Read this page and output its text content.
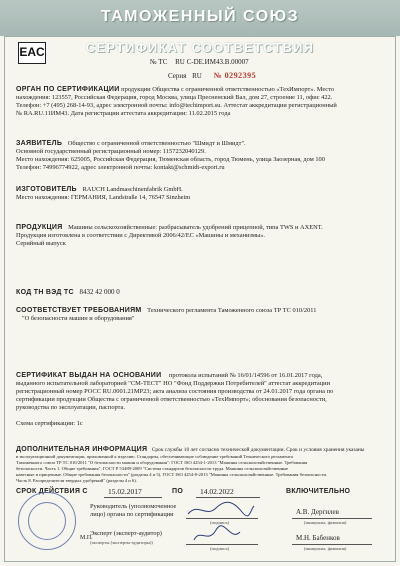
ТАМОЖЕННЫЙ СОЮЗ
EAC	СЕРТИФИКАТ СООТВЕТСТВИЯ
№ ТС RU C-DE.ИМ43.B.00007
Серия RU № 0292395
ОРГАН ПО СЕРТИФИКАЦИИ продукции Общества с ограниченной ответственностью «ТехИмпорт». Место
нахождения: 123557, Российская Федерация, город Москва, улица Пресненский Вал, дом 27, строение 11, офис 422.
Телефон: +7 (495) 268-14-93, адрес электронной почты: info@techimport.su. Аттестат аккредитации регистрационный
№ RA.RU.11ИМ43. Дата регистрации аттестата аккредитации: 11.02.2015 года
ЗАЯВИТЕЛЬ Общество с ограниченной ответственностью "Шмидт и Шмидт".
Основной государственный регистрационный номер: 1157232040129.
Место нахождения: 625005, Российская Федерация, Тюменская область, город Тюмень, улица Заозерная, дом 100
Телефон: 74996774922, адрес электронной почты: kontakt@schmidt-export.ru
ИЗГОТОВИТЕЛЬ RAUCH Landmaschinenfabrik GmbH.
Место нахождения: ГЕРМАНИЯ, Landstraße 14, 76547 Sinzheim
ПРОДУКЦИЯ Машины сельскохозяйственные: разбрасыватель удобрений прицепной, типа TWS и AXENT.
Продукция изготовлена в соответствии с Директивой 2006/42/ЕС «Машины и механизмы».
Серийный выпуск
КОД ТН ВЭД ТС 8432 42 000 0
СООТВЕТСТВУЕТ ТРЕБОВАНИЯМ Технического регламента Таможенного союза ТР ТС 010/2011
"О безопасности машин и оборудования"
СЕРТИФИКАТ ВЫДАН НА ОСНОВАНИИ протокола испытаний № 16/01/14596 от 16.01.2017 года,
выданного испытательной лабораторией "СМ-ТЕСТ" НО "Фонд Поддержки Потребителей" аттестат аккредитации
регистрационный номер РОСС RU.0001.21МР23; акта анализа состояния производства от 24.01.2017 года органа по
сертификации продукции Общества с ограниченной ответственностью «ТехИмпорт»; обоснования безопасности,
руководства по эксплуатации, паспорта.
Схема сертификации: 1с
ДОПОЛНИТЕЛЬНАЯ ИНФОРМАЦИЯ Срок службы 10 лет согласно технической документации. Срок и условия хранения указаны
в эксплуатационной документации, приложенной к изделию. Стандарты, обеспечивающие соблюдение требований Технического регламента
Таможенного союза ТР ТС 010/2011 "О безопасности машин и оборудования": ГОСТ ISO 4254-1-2013 "Машины сельскохозяйственные. Требования
безопасности. Часть 1. Общие требования", ГОСТ Р 53489-2009 "Система стандартов безопасности труда. Машины сельскохозяйственные
навесные и прицепные. Общие требования безопасности" (разделы 4 и 5), ГОСТ ISO 4254-8-2013 "Машины сельскохозяйственные. Требования безопасности.
Часть 8. Распределители твердых удобрений" (разделы 4 и 6).
СРОК ДЕЙСТВИЯ С	15.02.2017	ПО 14.02.2022	ВКЛЮЧИТЕЛЬНО
М.П.
Руководитель (уполномоченное
лицо) органа по сертификации
(подпись)
А.В. Дергилев
(инициалы, фамилия)
Эксперт (эксперт-аудитор)
(эксперты (эксперты-аудиторы))
(подпись)
М.Н. Бабенков
(инициалы, фамилия)
